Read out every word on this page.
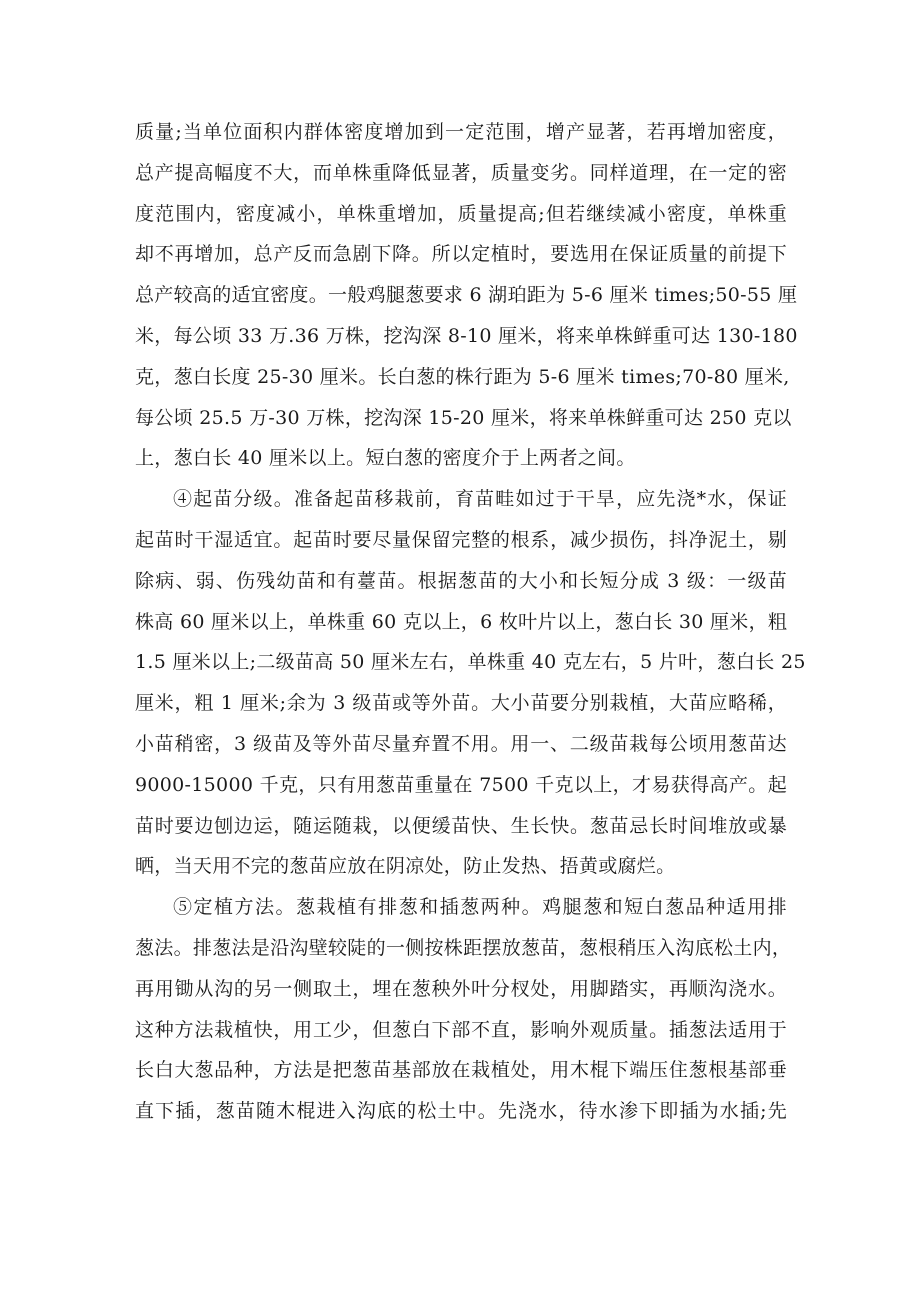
质量;当单位面积内群体密度增加到一定范围，增产显著，若再增加密度，
总产提高幅度不大，而单株重降低显著，质量变劣。同样道理，在一定的密
度范围内，密度减小，单株重增加，质量提高;但若继续减小密度，单株重
却不再增加，总产反而急剧下降。所以定植时，要选用在保证质量的前提下
总产较高的适宜密度。一般鸡腿葱要求 6 湖珀距为 5-6 厘米 times;50-55 厘
米，每公顷 33 万.36 万株，挖沟深 8-10 厘米，将来单株鲜重可达 130-180
克，葱白长度 25-30 厘米。长白葱的株行距为 5-6 厘米 times;70-80 厘米,
每公顷 25.5 万-30 万株，挖沟深 15-20 厘米，将来单株鲜重可达 250 克以
上，葱白长 40 厘米以上。短白葱的密度介于上两者之间。
④起苗分级。准备起苗移栽前，育苗畦如过于干旱，应先浇*水，保证
起苗时干湿适宜。起苗时要尽量保留完整的根系，减少损伤，抖净泥土，剔
除病、弱、伤残幼苗和有薹苗。根据葱苗的大小和长短分成 3 级：一级苗
株高 60 厘米以上，单株重 60 克以上，6 枚叶片以上，葱白长 30 厘米，粗
1.5 厘米以上;二级苗高 50 厘米左右，单株重 40 克左右，5 片叶，葱白长 25
厘米，粗 1 厘米;余为 3 级苗或等外苗。大小苗要分别栽植，大苗应略稀，
小苗稍密，3 级苗及等外苗尽量弃置不用。用一、二级苗栽每公顷用葱苗达
9000-15000 千克，只有用葱苗重量在 7500 千克以上，才易获得高产。起
苗时要边刨边运，随运随栽，以便缓苗快、生长快。葱苗忌长时间堆放或暴
晒，当天用不完的葱苗应放在阴凉处，防止发热、捂黄或腐烂。
⑤定植方法。葱栽植有排葱和插葱两种。鸡腿葱和短白葱品种适用排
葱法。排葱法是沿沟壁较陡的一侧按株距摆放葱苗，葱根稍压入沟底松土内，
再用锄从沟的另一侧取土，埋在葱秧外叶分杈处，用脚踏实，再顺沟浇水。
这种方法栽植快，用工少，但葱白下部不直，影响外观质量。插葱法适用于
长白大葱品种，方法是把葱苗基部放在栽植处，用木棍下端压住葱根基部垂
直下插，葱苗随木棍进入沟底的松土中。先浇水，待水渗下即插为水插;先
